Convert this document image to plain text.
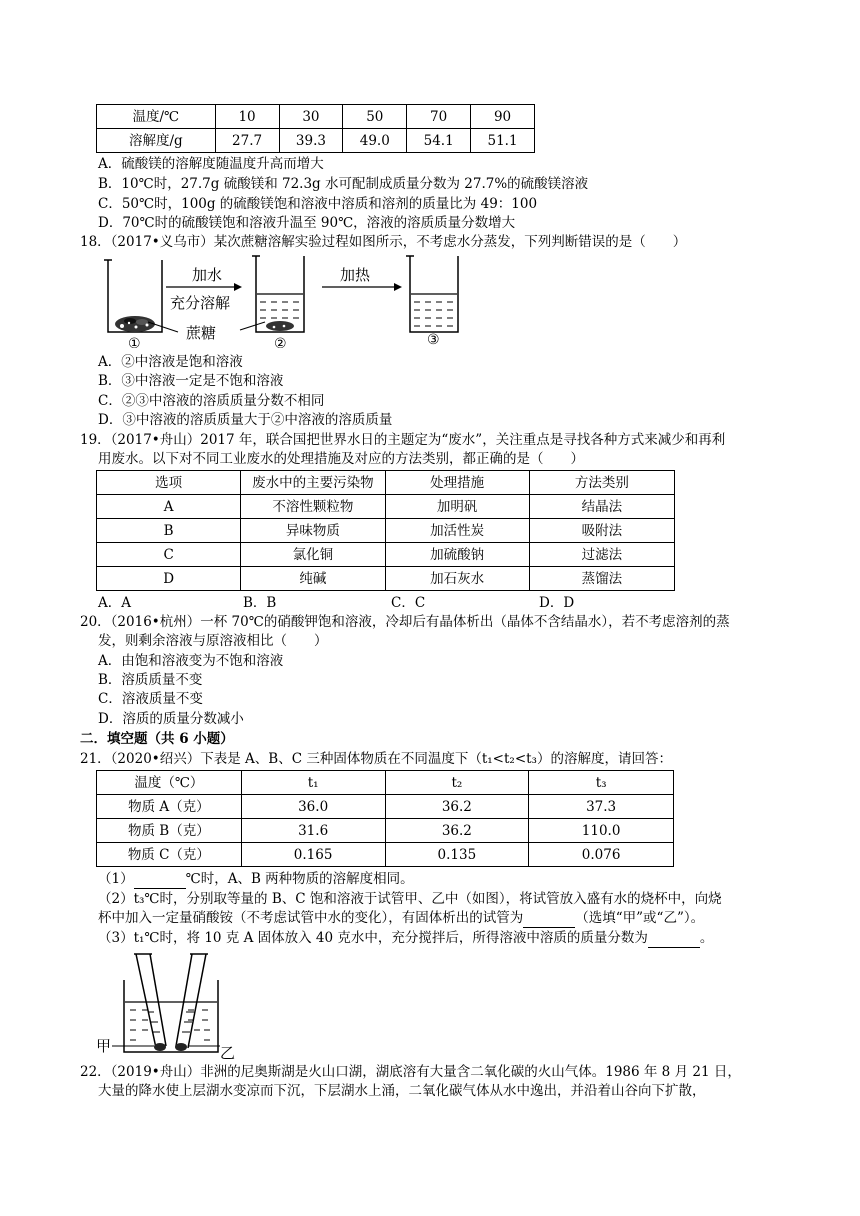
温度/℃	10	30	50	70	90
溶解度/g	27.7	39.3	49.0	54.1	51.1
A．硫酸镁的溶解度随温度升高而增大
B．10℃时，27.7g 硫酸镁和 72.3g 水可配制成质量分数为 27.7%的硫酸镁溶液
C．50℃时，100g 的硫酸镁饱和溶液中溶质和溶剂的质量比为 49：100
D．70℃时的硫酸镁饱和溶液升温至 90℃，溶液的溶质质量分数增大
18．（2017•义乌市）某次蔗糖溶解实验过程如图所示，不考虑水分蒸发，下列判断错误的是（　　）
加水
充分溶解
蔗糖
加热
①	②	③
A．②中溶液是饱和溶液
B．③中溶液一定是不饱和溶液
C．②③中溶液的溶质质量分数不相同
D．③中溶液的溶质质量大于②中溶液的溶质质量
19．（2017•舟山）2017 年，联合国把世界水日的主题定为“废水”，关注重点是寻找各种方式来减少和再利
用废水。以下对不同工业废水的处理措施及对应的方法类别，都正确的是（　　）
选项	废水中的主要污染物	处理措施	方法类别
A	不溶性颗粒物	加明矾	结晶法
B	异味物质	加活性炭	吸附法
C	氯化铜	加硫酸钠	过滤法
D	纯碱	加石灰水	蒸馏法
A．A	B．B	C．C	D．D
20．（2016•杭州）一杯 70℃的硝酸钾饱和溶液，冷却后有晶体析出（晶体不含结晶水），若不考虑溶剂的蒸
发，则剩余溶液与原溶液相比（　　）
A．由饱和溶液变为不饱和溶液
B．溶质质量不变
C．溶液质量不变
D．溶质的质量分数减小
二．填空题（共 6 小题）
21．（2020•绍兴）下表是 A、B、C 三种固体物质在不同温度下（t₁<t₂<t₃）的溶解度，请回答：
温度（℃）	t₁	t₂	t₃
物质 A（克）	36.0	36.2	37.3
物质 B（克）	31.6	36.2	110.0
物质 C（克）	0.165	0.135	0.076
（1）	℃时，A、B 两种物质的溶解度相同。
（2）t₃℃时，分别取等量的 B、C 饱和溶液于试管甲、乙中（如图），将试管放入盛有水的烧杯中，向烧
杯中加入一定量硝酸铵（不考虑试管中水的变化），有固体析出的试管为	（选填“甲”或“乙”）。
（3）t₁℃时，将 10 克 A 固体放入 40 克水中，充分搅拌后，所得溶液中溶质的质量分数为	。
甲	乙
22．（2019•舟山）非洲的尼奥斯湖是火山口湖，湖底溶有大量含二氧化碳的火山气体。1986 年 8 月 21 日，
大量的降水使上层湖水变凉而下沉，下层湖水上涌，二氧化碳气体从水中逸出，并沿着山谷向下扩散，
